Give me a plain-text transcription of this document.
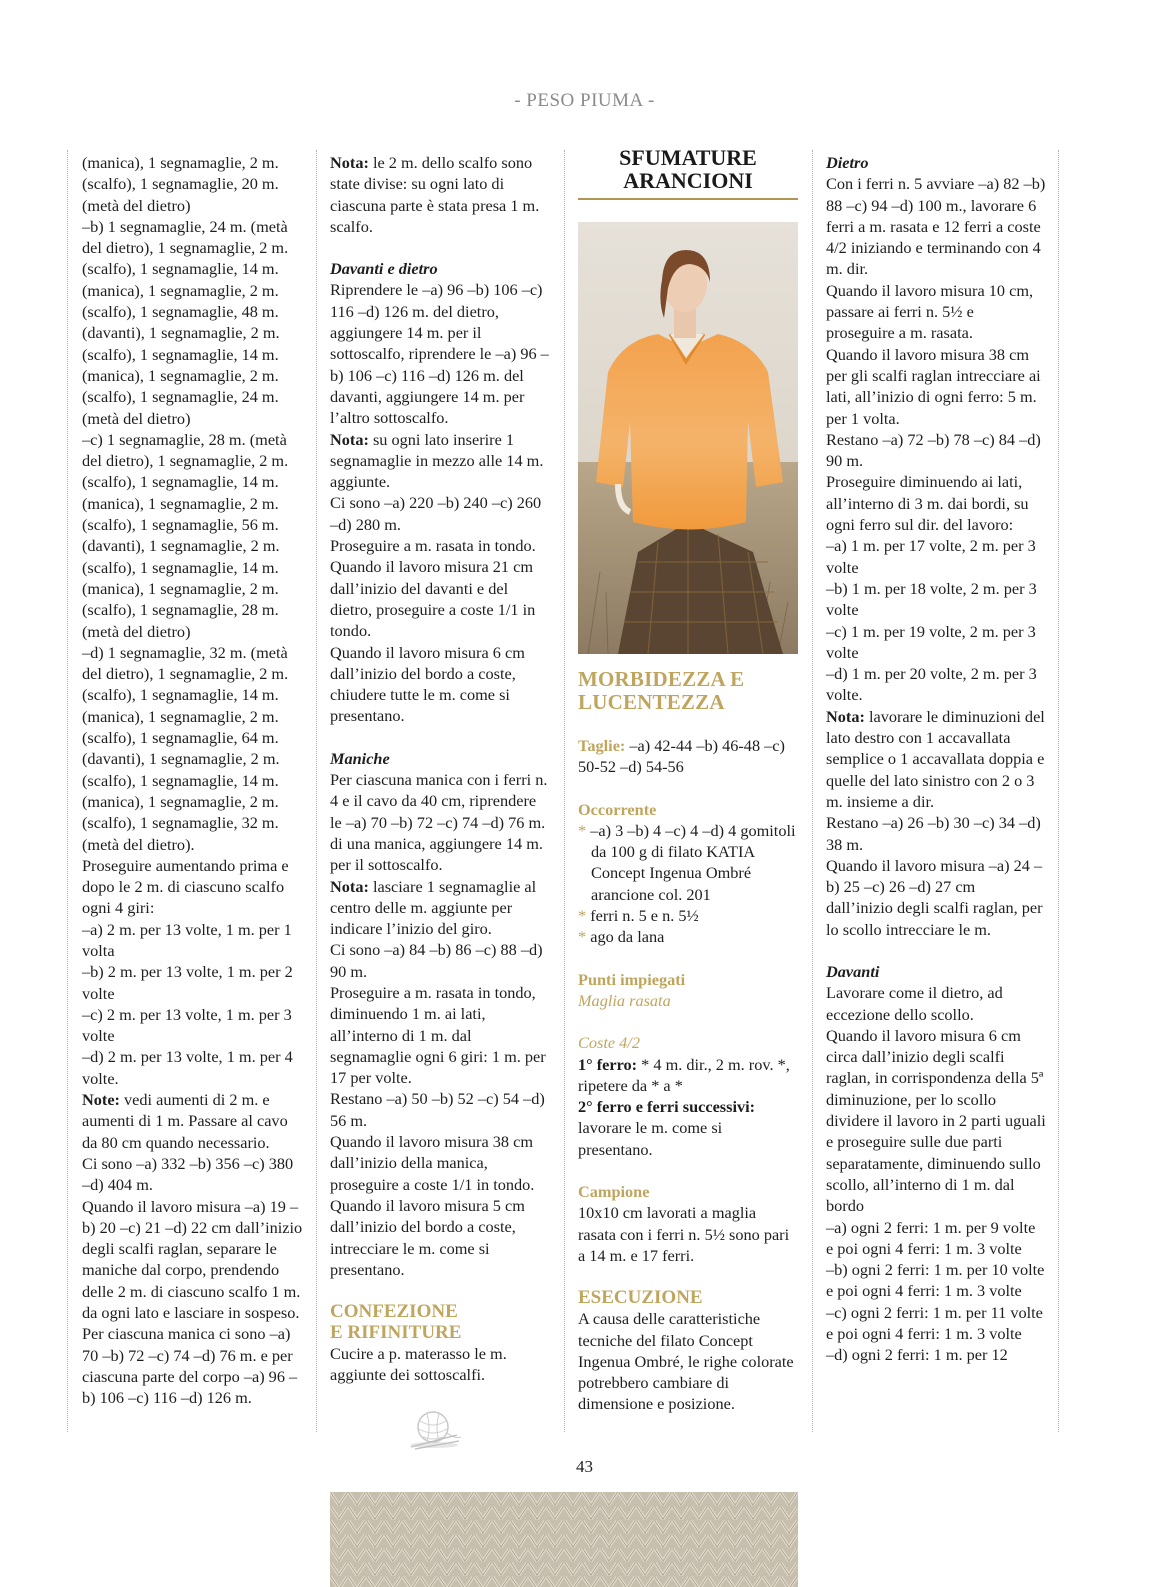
- PESO PIUMA -

(manica), 1 segnamaglie, 2 m.

(scalfo), 1 segnamaglie, 20 m.

(metà del dietro)

–b) 1 segnamaglie, 24 m. (metà del dietro), 1 segnamaglie, 2 m.

(scalfo), 1 segnamaglie, 14 m.

(manica), 1 segnamaglie, 2 m.

(scalfo), 1 segnamaglie, 48 m.

(davanti), 1 segnamaglie, 2 m.

(scalfo), 1 segnamaglie, 14 m.

(manica), 1 segnamaglie, 2 m.

(scalfo), 1 segnamaglie, 24 m.

(metà del dietro)

–c) 1 segnamaglie, 28 m. (metà del dietro), 1 segnamaglie, 2 m.

(scalfo), 1 segnamaglie, 14 m.

(manica), 1 segnamaglie, 2 m.

(scalfo), 1 segnamaglie, 56 m.

(davanti), 1 segnamaglie, 2 m.

(scalfo), 1 segnamaglie, 14 m.

(manica), 1 segnamaglie, 2 m.

(scalfo), 1 segnamaglie, 28 m.

(metà del dietro)

–d) 1 segnamaglie, 32 m. (metà del dietro), 1 segnamaglie, 2 m.

(scalfo), 1 segnamaglie, 14 m.

(manica), 1 segnamaglie, 2 m.

(scalfo), 1 segnamaglie, 64 m.

(davanti), 1 segnamaglie, 2 m.

(scalfo), 1 segnamaglie, 14 m.

(manica), 1 segnamaglie, 2 m.

(scalfo), 1 segnamaglie, 32 m.

(metà del dietro).

Proseguire aumentando prima e dopo le 2 m. di ciascuno scalfo ogni 4 giri:

–a) 2 m. per 13 volte, 1 m. per 1 volta

–b) 2 m. per 13 volte, 1 m. per 2 volte

–c) 2 m. per 13 volte, 1 m. per 3 volte

–d) 2 m. per 13 volte, 1 m. per 4 volte.

Note: vedi aumenti di 2 m. e aumenti di 1 m. Passare al cavo da 80 cm quando necessario.

Ci sono –a) 332 –b) 356 –c) 380 –d) 404 m.

Quando il lavoro misura –a) 19 –b) 20 –c) 21 –d) 22 cm dall’inizio degli scalfi raglan, separare le maniche dal corpo, prendendo delle 2 m. di ciascuno scalfo 1 m. da ogni lato e lasciare in sospeso.

Per ciascuna manica ci sono –a) 70 –b) 72 –c) 74 –d) 76 m. e per ciascuna parte del corpo –a) 96 –b) 106 –c) 116 –d) 126 m.

Nota: le 2 m. dello scalfo sono state divise: su ogni lato di ciascuna parte è stata presa 1 m. scalfo.

Davanti e dietro

Riprendere le –a) 96 –b) 106 –c) 116 –d) 126 m. del dietro, aggiungere 14 m. per il sottoscalfo, riprendere le –a) 96 –b) 106 –c) 116 –d) 126 m. del davanti, aggiungere 14 m. per l’altro sottoscalfo.

Nota: su ogni lato inserire 1 segnamaglie in mezzo alle 14 m. aggiunte.

Ci sono –a) 220 –b) 240 –c) 260 –d) 280 m.

Proseguire a m. rasata in tondo.

Quando il lavoro misura 21 cm dall’inizio del davanti e del dietro, proseguire a coste 1/1 in tondo.

Quando il lavoro misura 6 cm dall’inizio del bordo a coste, chiudere tutte le m. come si presentano.

Maniche

Per ciascuna manica con i ferri n. 4 e il cavo da 40 cm, riprendere le –a) 70 –b) 72 –c) 74 –d) 76 m. di una manica, aggiungere 14 m. per il sottoscalfo.

Nota: lasciare 1 segnamaglie al centro delle m. aggiunte per indicare l’inizio del giro.

Ci sono –a) 84 –b) 86 –c) 88 –d) 90 m.

Proseguire a m. rasata in tondo, diminuendo 1 m. ai lati, all’interno di 1 m. dal segnamaglie ogni 6 giri: 1 m. per 17 per volte.

Restano –a) 50 –b) 52 –c) 54 –d) 56 m.

Quando il lavoro misura 38 cm dall’inizio della manica, proseguire a coste 1/1 in tondo.

Quando il lavoro misura 5 cm dall’inizio del bordo a coste, intrecciare le m. come si presentano.

CONFEZIONE

E RIFINITURE

Cucire a p. materasso le m. aggiunte dei sottoscalfi.

SFUMATURE
ARANCIONI

MORBIDEZZA E

LUCENTEZZA

Taglie: –a) 42-44 –b) 46-48 –c) 50-52 –d) 54-56

Occorrente

* –a) 3 –b) 4 –c) 4 –d) 4 gomitoli da 100 g di filato KATIA Concept Ingenua Ombré arancione col. 201

* ferri n. 5 e n. 5½

* ago da lana

Punti impiegati

Maglia rasata

Coste 4/2

1° ferro: * 4 m. dir., 2 m. rov. *, ripetere da * a *

2° ferro e ferri successivi: lavorare le m. come si presentano.

Campione

10x10 cm lavorati a maglia rasata con i ferri n. 5½ sono pari a 14 m. e 17 ferri.

ESECUZIONE

A causa delle caratteristiche tecniche del filato Concept Ingenua Ombré, le righe colorate potrebbero cambiare di dimensione e posizione.

Dietro

Con i ferri n. 5 avviare –a) 82 –b) 88 –c) 94 –d) 100 m., lavorare 6 ferri a m. rasata e 12 ferri a coste 4/2 iniziando e terminando con 4 m. dir.

Quando il lavoro misura 10 cm, passare ai ferri n. 5½ e proseguire a m. rasata.

Quando il lavoro misura 38 cm per gli scalfi raglan intrecciare ai lati, all’inizio di ogni ferro: 5 m. per 1 volta.

Restano –a) 72 –b) 78 –c) 84 –d) 90 m.

Proseguire diminuendo ai lati, all’interno di 3 m. dai bordi, su ogni ferro sul dir. del lavoro:

–a) 1 m. per 17 volte, 2 m. per 3 volte

–b) 1 m. per 18 volte, 2 m. per 3 volte

–c) 1 m. per 19 volte, 2 m. per 3 volte

–d) 1 m. per 20 volte, 2 m. per 3 volte.

Nota: lavorare le diminuzioni del lato destro con 1 accavallata semplice o 1 accavallata doppia e quelle del lato sinistro con 2 o 3 m. insieme a dir.

Restano –a) 26 –b) 30 –c) 34 –d) 38 m.

Quando il lavoro misura –a) 24 –b) 25 –c) 26 –d) 27 cm dall’inizio degli scalfi raglan, per lo scollo intrecciare le m.

Davanti

Lavorare come il dietro, ad eccezione dello scollo.

Quando il lavoro misura 6 cm circa dall’inizio degli scalfi raglan, in corrispondenza della 5ª diminuzione, per lo scollo dividere il lavoro in 2 parti uguali e proseguire sulle due parti separatamente, diminuendo sullo scollo, all’interno di 1 m. dal bordo

–a) ogni 2 ferri: 1 m. per 9 volte e poi ogni 4 ferri: 1 m. 3 volte

–b) ogni 2 ferri: 1 m. per 10 volte e poi ogni 4 ferri: 1 m. 3 volte

–c) ogni 2 ferri: 1 m. per 11 volte e poi ogni 4 ferri: 1 m. 3 volte

–d) ogni 2 ferri: 1 m. per 12

43
